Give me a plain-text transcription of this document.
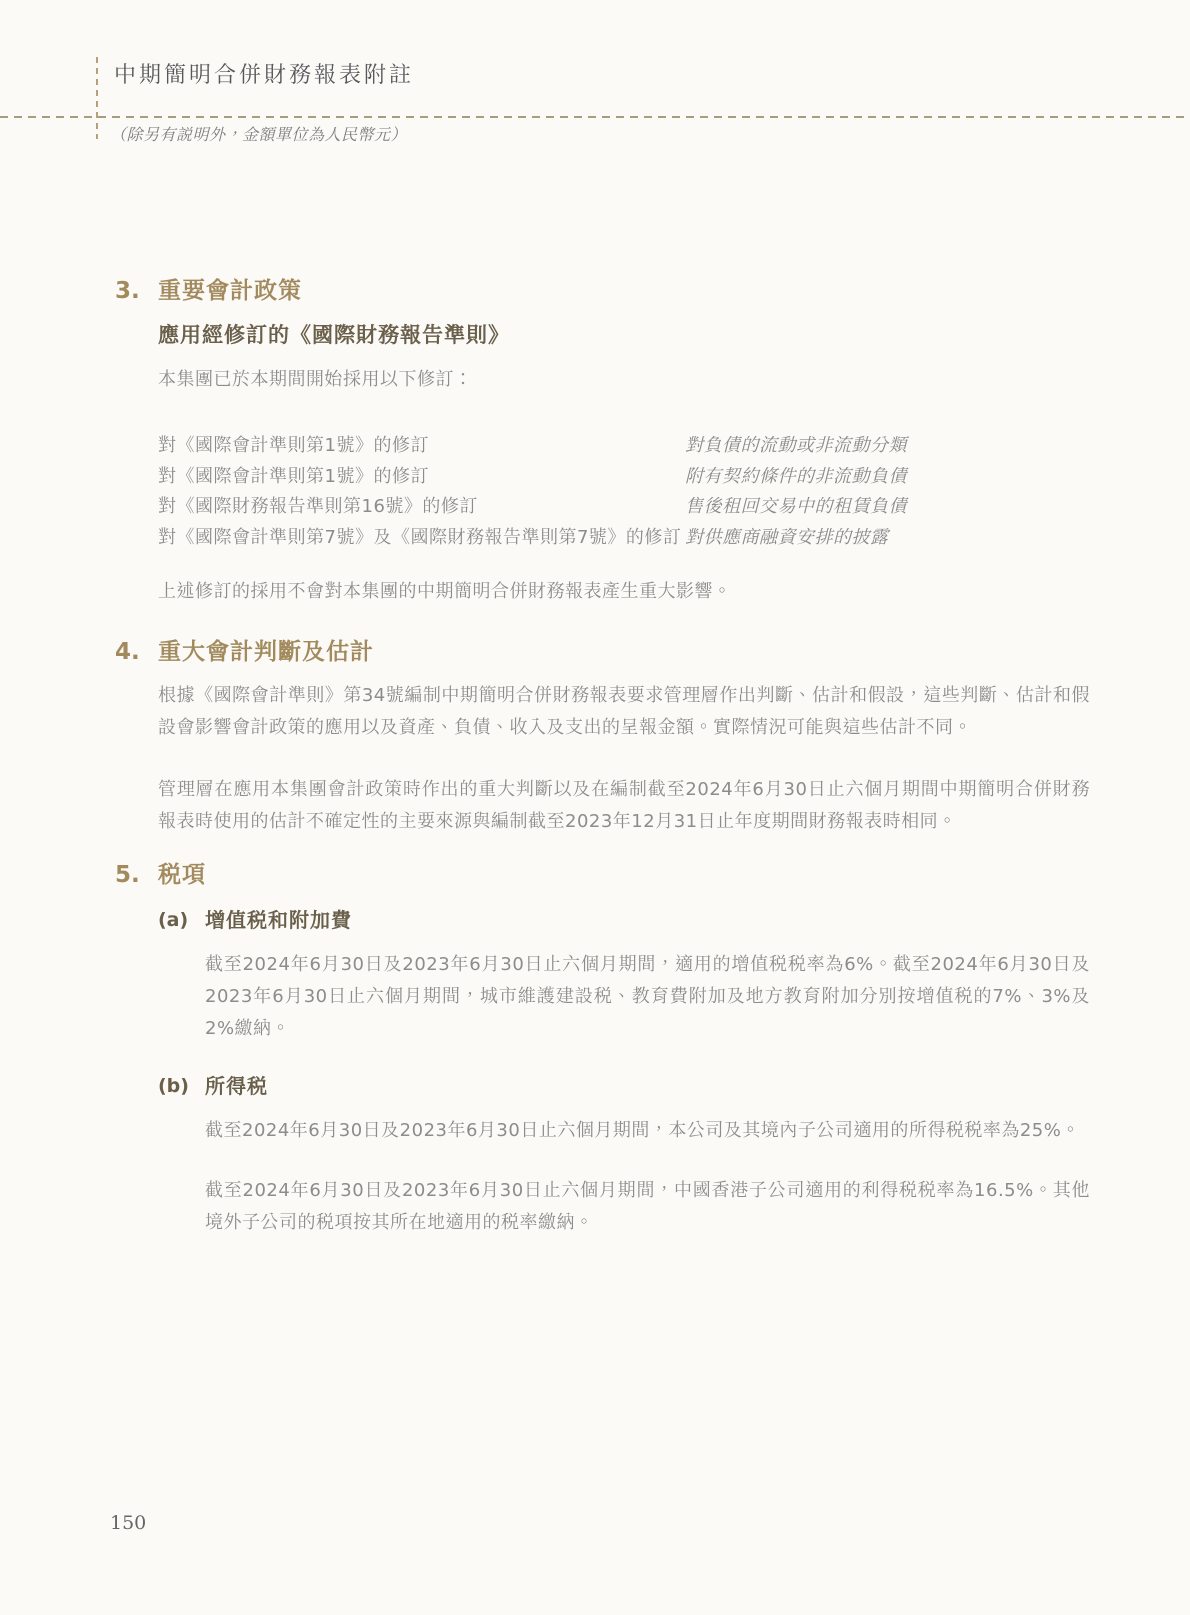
中期簡明合併財務報表附註
（除另有説明外，金額單位為人民幣元）
3. 重要會計政策
應用經修訂的《國際財務報告準則》

本集團已於本期間開始採用以下修訂：

對《國際會計準則第1號》的修訂	對負債的流動或非流動分類
對《國際會計準則第1號》的修訂	附有契約條件的非流動負債
對《國際財務報告準則第16號》的修訂	售後租回交易中的租賃負債
對《國際會計準則第7號》及《國際財務報告準則第7號》的修訂 對供應商融資安排的披露

上述修訂的採用不會對本集團的中期簡明合併財務報表產生重大影響。

4. 重大會計判斷及估計

根據《國際會計準則》第34號編制中期簡明合併財務報表要求管理層作出判斷、估計和假設，這些判斷、估計和假設會影響會計政策的應用以及資產、負債、收入及支出的呈報金額。實際情況可能與這些估計不同。

管理層在應用本集團會計政策時作出的重大判斷以及在編制截至2024年6月30日止六個月期間中期簡明合併財務報表時使用的估計不確定性的主要來源與編制截至2023年12月31日止年度期間財務報表時相同。

5. 税項
(a) 增值税和附加費

截至2024年6月30日及2023年6月30日止六個月期間，適用的增值税税率為6%。截至2024年6月30日及2023年6月30日止六個月期間，城市維護建設税、教育費附加及地方教育附加分別按增值税的7%、3%及2%繳納。

(b) 所得税

截至2024年6月30日及2023年6月30日止六個月期間，本公司及其境內子公司適用的所得税税率為25%。

截至2024年6月30日及2023年6月30日止六個月期間，中國香港子公司適用的利得税税率為16.5%。其他境外子公司的税項按其所在地適用的税率繳納。

150
